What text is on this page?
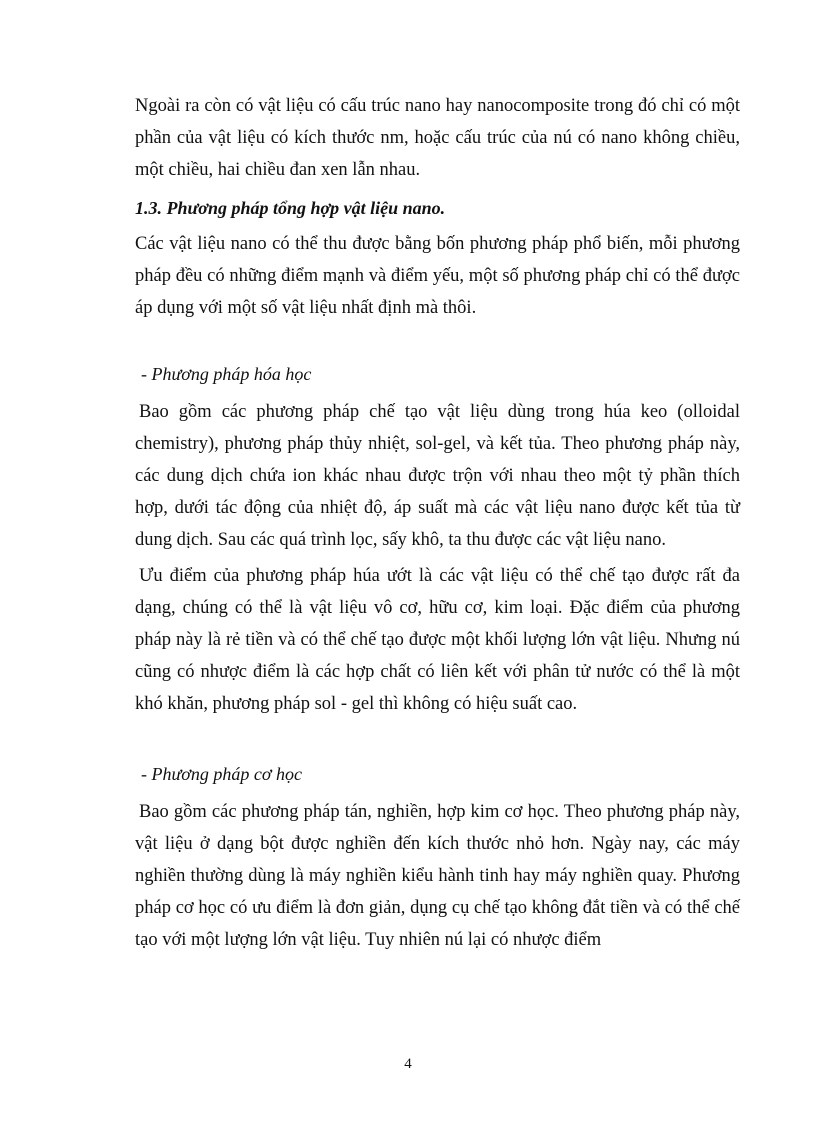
Ngoài ra còn có vật liệu có cấu trúc nano hay nanocomposite trong đó chỉ có một phần của vật liệu có kích thước nm, hoặc cấu trúc của nú có nano không chiều, một chiều, hai chiều đan xen lẫn nhau.

1.3. Phương pháp tổng hợp vật liệu nano.

Các vật liệu nano có thể thu được bằng bốn phương pháp phổ biến, mỗi phương pháp đều có những điểm mạnh và điểm yếu, một số phương pháp chỉ có thể được áp dụng với một số vật liệu nhất định mà thôi.

- Phương pháp hóa học

Bao gồm các phương pháp chế tạo vật liệu dùng trong húa keo (olloidal chemistry), phương pháp thủy nhiệt, sol-gel, và kết tủa. Theo phương pháp này, các dung dịch chứa ion khác nhau được trộn với nhau theo một tỷ phần thích hợp, dưới tác động của nhiệt độ, áp suất mà các vật liệu nano được kết tủa từ dung dịch. Sau các quá trình lọc, sấy khô, ta thu được các vật liệu nano.

Ưu điểm của phương pháp húa ướt là các vật liệu có thể chế tạo được rất đa dạng, chúng có thể là vật liệu vô cơ, hữu cơ, kim loại. Đặc điểm của phương pháp này là rẻ tiền và có thể chế tạo được một khối lượng lớn vật liệu. Nhưng nú cũng có nhược điểm là các hợp chất có liên kết với phân tử nước có thể là một khó khăn, phương pháp sol - gel thì không có hiệu suất cao.

- Phương pháp cơ học

Bao gồm các phương pháp tán, nghiền, hợp kim cơ học. Theo phương pháp này, vật liệu ở dạng bột được nghiền đến kích thước nhỏ hơn. Ngày nay, các máy nghiền thường dùng là máy nghiền kiểu hành tinh hay máy nghiền quay. Phương pháp cơ học có ưu điểm là đơn giản, dụng cụ chế tạo không đắt tiền và có thể chế tạo với một lượng lớn vật liệu. Tuy nhiên nú lại có nhược điểm

4
